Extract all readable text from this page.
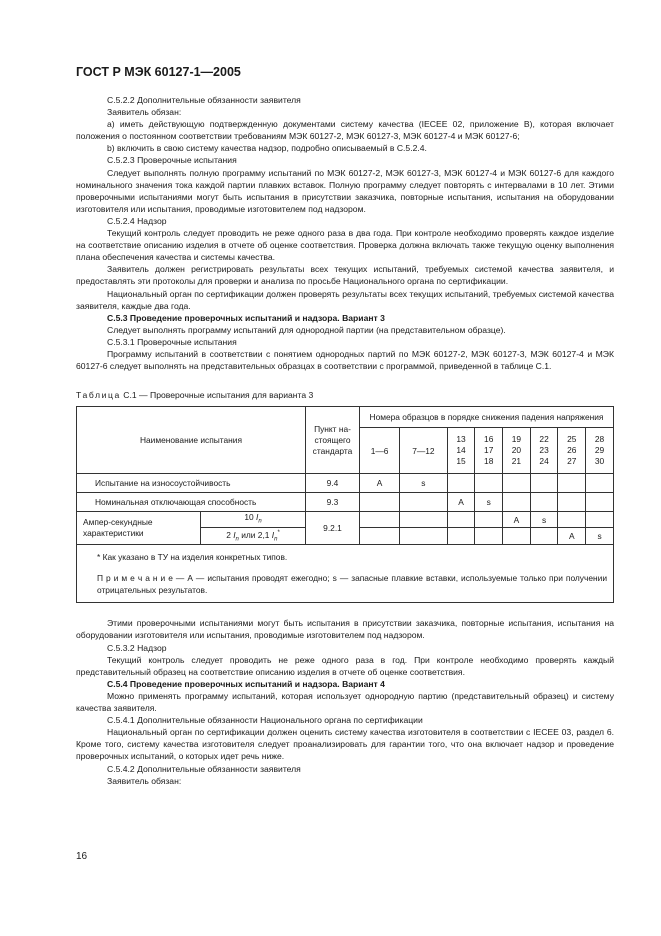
ГОСТ Р МЭК 60127-1—2005

С.5.2.2 Дополнительные обязанности заявителя

Заявитель обязан:

а) иметь действующую подтвержденную документами систему качества (IECEE 02, приложение В), которая включает положения о постоянном соответствии требованиям МЭК 60127-2, МЭК 60127-3, МЭК 60127-4 и МЭК 60127-6;

b) включить в свою систему качества надзор, подробно описываемый в С.5.2.4.

С.5.2.3 Проверочные испытания

Следует выполнять полную программу испытаний по МЭК 60127-2, МЭК 60127-3, МЭК 60127-4 и МЭК 60127-6 для каждого номинального значения тока каждой партии плавких вставок. Полную программу следует повторять с интервалами в 10 лет. Этими проверочными испытаниями могут быть испытания в присутствии заказчика, повторные испытания, испытания на оборудовании изготовителя или испытания, проводимые изготовителем под надзором.

С.5.2.4 Надзор

Текущий контроль следует проводить не реже одного раза в два года. При контроле необходимо проверять каждое изделие на соответствие описанию изделия в отчете об оценке соответствия. Проверка должна включать также текущую оценку выполнения плана обеспечения качества и системы качества.

Заявитель должен регистрировать результаты всех текущих испытаний, требуемых системой качества заявителя, и предоставлять эти протоколы для проверки и анализа по просьбе Национального органа по сертификации.

Национальный орган по сертификации должен проверять результаты всех текущих испытаний, требуемых системой качества заявителя, каждые два года.

С.5.3 Проведение проверочных испытаний и надзора. Вариант 3

Следует выполнять программу испытаний для однородной партии (на представительном образце).

С.5.3.1 Проверочные испытания

Программу испытаний в соответствии с понятием однородных партий по МЭК 60127-2, МЭК 60127-3, МЭК 60127-4 и МЭК 60127-6 следует выполнять на представительных образцах в соответствии с программой, приведенной в таблице С.1.

Таблица С.1 — Проверочные испытания для варианта 3

Наименование испытания		Пункт на-стоящего стандарта	Номера образцов в порядке снижения падения напряжения							
			1—6	7—12	13
14
15	16
17
18	19
20
21	22
23
24	25
26
27	28
29
30
Испытание на износоустойчивость		9.4	A	s						
Номинальная отключающая способность		9.3			A	s				
Ампер-секундные характеристики	10 $I_n$	9.2.1					A	s		
	2 $I_n$ или 2,1 $I_n^*$								A	s

* Как указано в ТУ на изделия конкретных типов.

П р и м е ч а н и е — А — испытания проводят ежегодно; s — запасные плавкие вставки, используемые только при получении отрицательных результатов.										

Этими проверочными испытаниями могут быть испытания в присутствии заказчика, повторные испытания, испытания на оборудовании изготовителя или испытания, проводимые изготовителем под надзором.

С.5.3.2 Надзор

Текущий контроль следует проводить не реже одного раза в год. При контроле необходимо проверять каждый представительный образец на соответствие описанию изделия в отчете об оценке соответствия.

С.5.4 Проведение проверочных испытаний и надзора. Вариант 4

Можно применять программу испытаний, которая использует однородную партию (представительный образец) и систему качества заявителя.

С.5.4.1 Дополнительные обязанности Национального органа по сертификации

Национальный орган по сертификации должен оценить систему качества изготовителя в соответствии с IECEE 03, раздел 6. Кроме того, систему качества изготовителя следует проанализировать для гарантии того, что она включает надзор и проведение проверочных испытаний, о которых идет речь ниже.

С.5.4.2 Дополнительные обязанности заявителя

Заявитель обязан:

16
